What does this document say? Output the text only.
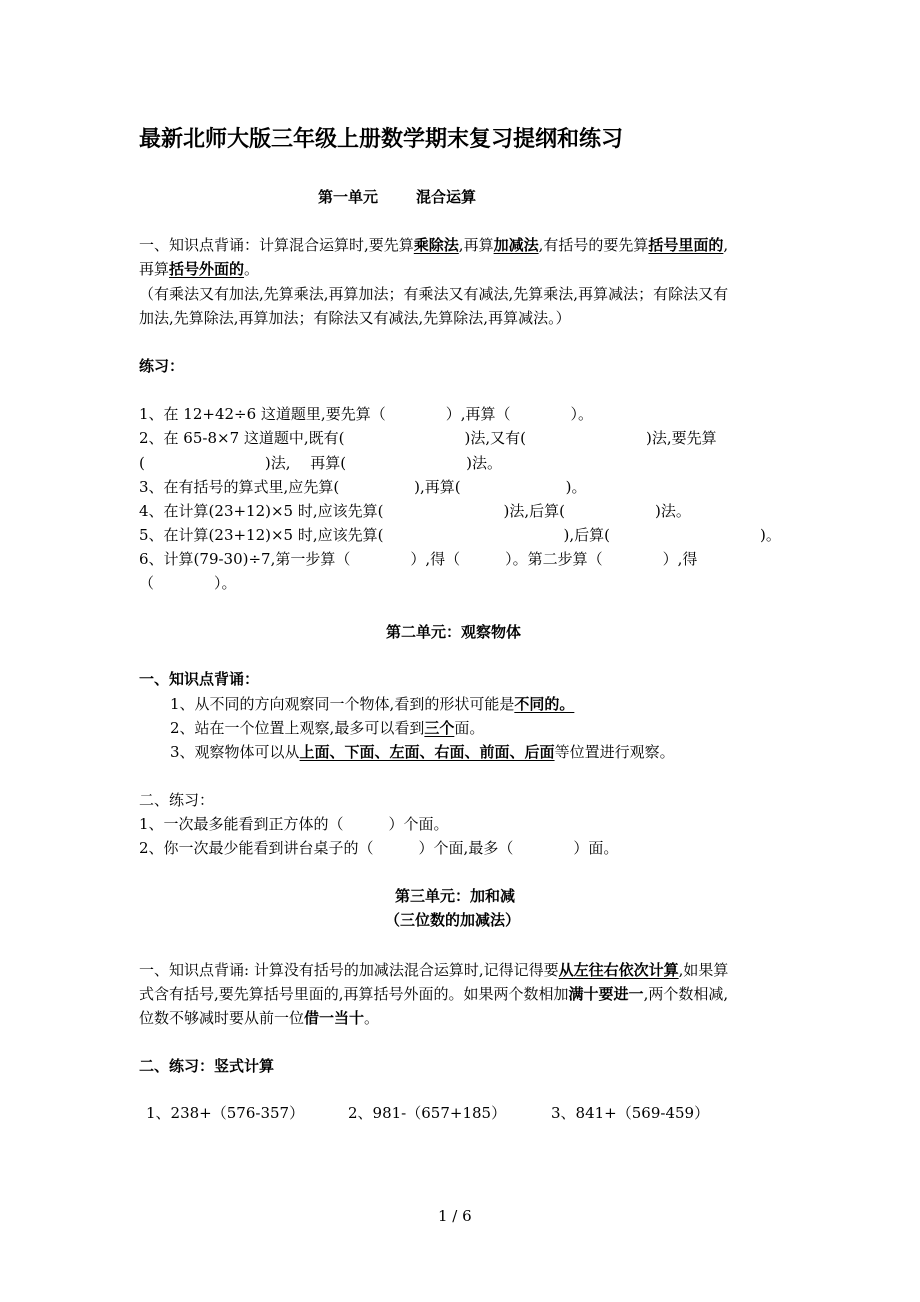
最新北师大版三年级上册数学期末复习提纲和练习
第一单元	混合运算
一、知识点背诵：计算混合运算时,要先算乘除法,再算加减法,有括号的要先算括号里面的,
再算括号外面的。
（有乘法又有加法,先算乘法,再算加法；有乘法又有减法,先算乘法,再算减法；有除法又有
加法,先算除法,再算加法；有除法又有减法,先算除法,再算减法。）
练习：
1、在 12+42÷6 这道题里,要先算（　　　　）,再算（　　　　）。
2、在 65-8×7 这道题中,既有(　　　　　　　　)法,又有(　　　　　　　　)法,要先算
(　　　　　　　　)法,　 再算(　　　　　　　　)法。
3、在有括号的算式里,应先算(　　　　　),再算(　　　　　　　)。
4、在计算(23+12)×5 时,应该先算(　　　　　　　　)法,后算(　　　　　　)法。
5、在计算(23+12)×5 时,应该先算(　　　　　　　　　　　　),后算(　　　　　　　　　　)。
6、计算(79-30)÷7,第一步算（　　　　）,得（　　　）。第二步算（　　　　）,得
（　　　　）。
第二单元：观察物体
一、知识点背诵：
1、从不同的方向观察同一个物体,看到的形状可能是不同的。
2、站在一个位置上观察,最多可以看到三个面。
3、观察物体可以从上面、下面、左面、右面、前面、后面等位置进行观察。
二、练习：
1、一次最多能看到正方体的（　　　）个面。
2、你一次最少能看到讲台桌子的（　　　）个面,最多（　　　　）面。
第三单元：加和减
（三位数的加减法）
一、知识点背诵: 计算没有括号的加减法混合运算时,记得记得要从左往右依次计算,如果算
式含有括号,要先算括号里面的,再算括号外面的。如果两个数相加满十要进一,两个数相减,
位数不够减时要从前一位借一当十。
二、练习：竖式计算
1、238+（576-357）	2、981-（657+185）	3、841+（569-459）
1 / 6
